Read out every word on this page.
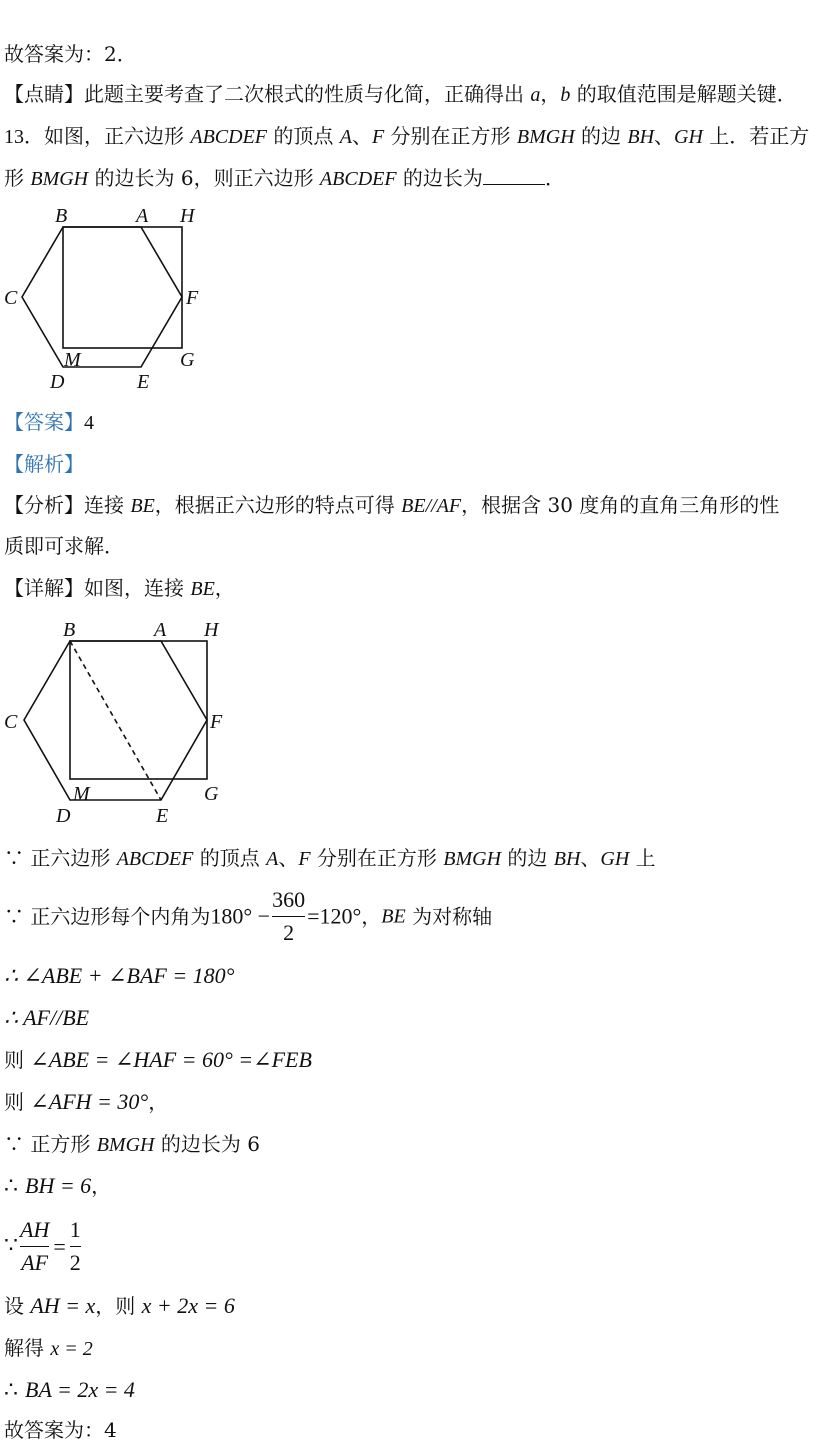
故答案为：2．
【点睛】此题主要考查了二次根式的性质与化简，正确得出 a，b 的取值范围是解题关键．
13．如图，正六边形 ABCDEF 的顶点 A、F 分别在正方形 BMGH 的边 BH、GH 上．若正方
形 BMGH 的边长为 6，则正六边形 ABCDEF 的边长为	．
B	A H
C	F
M	G
D	E
【答案】4
【解析】
【分析】连接 BE，根据正六边形的特点可得 BE//AF，根据含 30 度角的直角三角形的性
质即可求解．
【详解】如图，连接 BE，
B	A H
C	F
M	G
D	E
∵ 正六边形 ABCDEF 的顶点 A、F 分别在正方形 BMGH 的边 BH、GH 上
∵ 正六边形每个内角为$180^\circ - \frac{360}{2} =120^\circ$，BE 为对称轴
∴ ∠ABE + ∠BAF = 180°
∴ AF//BE
则 ∠ABE = ∠HAF = 60° =∠FEB
则 ∠AFH = 30°，
∵ 正方形 BMGH 的边长为 6
∴ BH = 6，
∵ $\frac{AH}{AF} = \frac{1}{2}$
设 AH = x，则 x + 2x = 6
解得 x = 2
∴ BA = 2x = 4
故答案为：4
